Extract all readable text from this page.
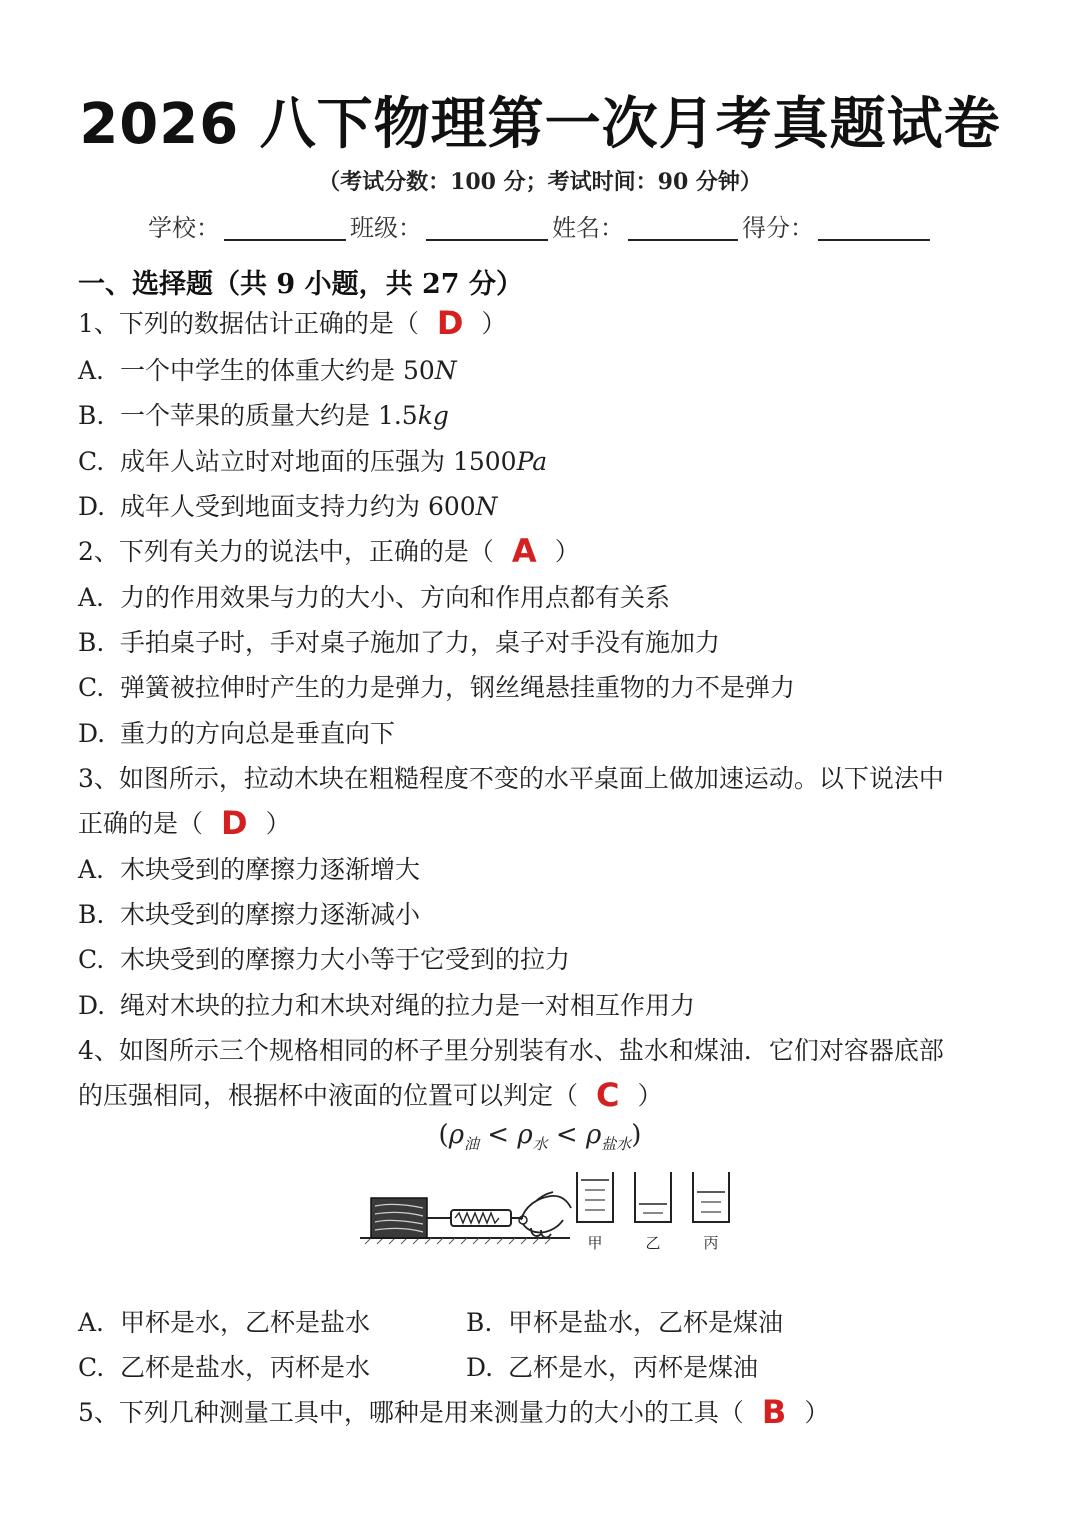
2026 八下物理第一次月考真题试卷
（考试分数：100 分；考试时间：90 分钟）
学校：	班级：	姓名：	得分：
一、选择题（共 9 小题，共 27 分）
1、下列的数据估计正确的是（ D ）
A. 一个中学生的体重大约是 50N
B. 一个苹果的质量大约是 1.5kg
C. 成年人站立时对地面的压强为 1500Pa
D. 成年人受到地面支持力约为 600N
2、下列有关力的说法中，正确的是（ A ）
A. 力的作用效果与力的大小、方向和作用点都有关系
B. 手拍桌子时，手对桌子施加了力，桌子对手没有施加力
C. 弹簧被拉伸时产生的力是弹力，钢丝绳悬挂重物的力不是弹力
D. 重力的方向总是垂直向下
3、如图所示，拉动木块在粗糙程度不变的水平桌面上做加速运动。以下说法中
正确的是（ D ）
A. 木块受到的摩擦力逐渐增大
B. 木块受到的摩擦力逐渐减小
C. 木块受到的摩擦力大小等于它受到的拉力
D. 绳对木块的拉力和木块对绳的拉力是一对相互作用力
4、如图所示三个规格相同的杯子里分别装有水、盐水和煤油．它们对容器底部
的压强相同，根据杯中液面的位置可以判定（ C ）
$(\rho_油 < \rho_水 < \rho_{盐水})$
甲	乙	丙
A. 甲杯是水，乙杯是盐水	B. 甲杯是盐水，乙杯是煤油
C. 乙杯是盐水，丙杯是水	D. 乙杯是水，丙杯是煤油
5、下列几种测量工具中，哪种是用来测量力的大小的工具（ B ）
